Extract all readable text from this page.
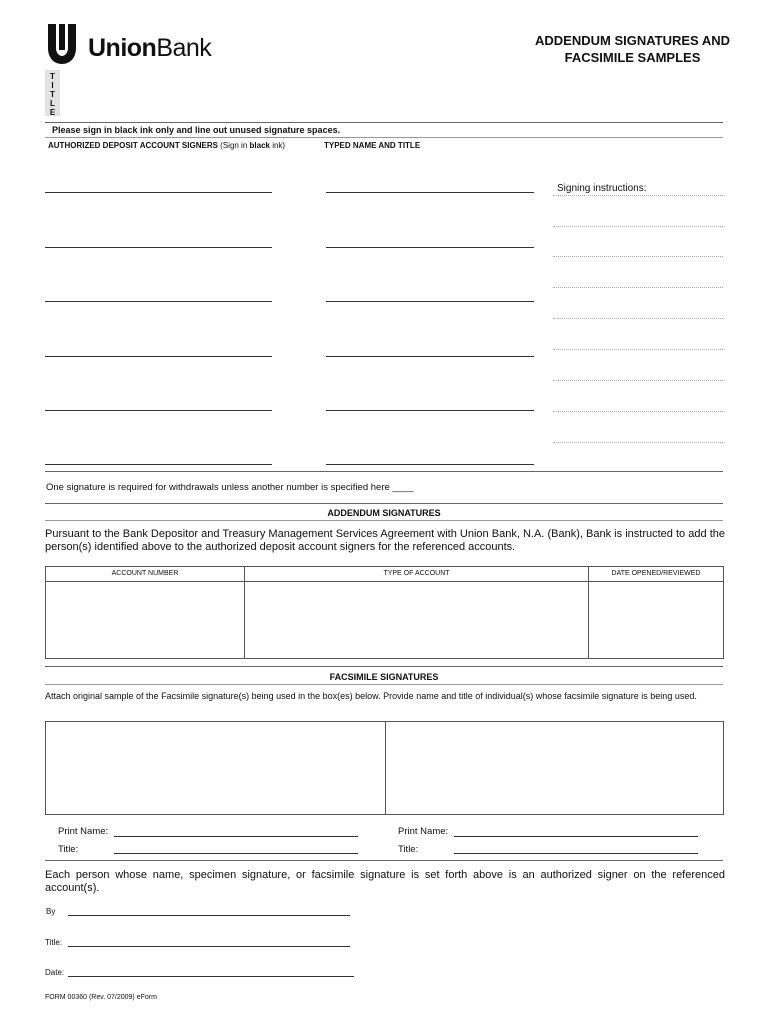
UnionBank	ADDENDUM SIGNATURES AND
FACSIMILE SAMPLES
T
I
T
L
E
Please sign in black ink only and line out unused signature spaces.
AUTHORIZED DEPOSIT ACCOUNT SIGNERS (Sign in black ink)	TYPED NAME AND TITLE
Signing instructions:
One signature is required for withdrawals unless another number is specified here ____
ADDENDUM SIGNATURES
Pursuant to the Bank Depositor and Treasury Management Services Agreement with Union Bank, N.A. (Bank), Bank is instructed to add the person(s) identified above to the authorized deposit account signers for the referenced accounts.
ACCOUNT NUMBER	TYPE OF ACCOUNT	DATE OPENED/REVIEWED
FACSIMILE SIGNATURES
Attach original sample of the Facsimile signature(s) being used in the box(es) below. Provide name and title of individual(s) whose facsimile signature is being used.
Print Name:	Print Name:
Title:	Title:
Each person whose name, specimen signature, or facsimile signature is set forth above is an authorized signer on the referenced account(s).
By
Title:
Date:
FORM 00360 (Rev. 07/2009) eForm
